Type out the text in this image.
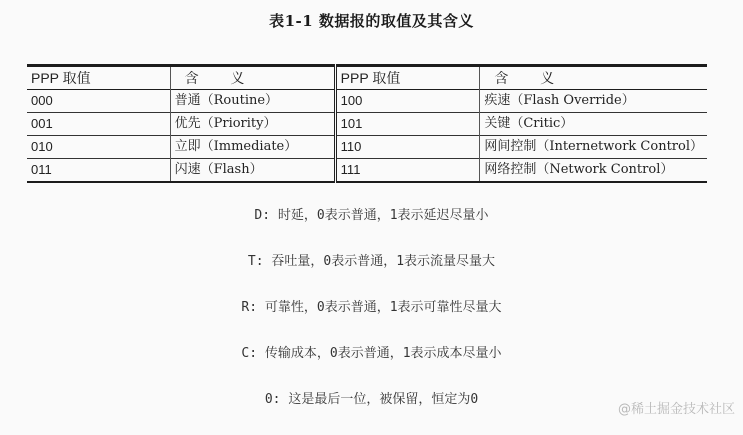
表1-1 数据报的取值及其含义
PPP 取值	含 义	PPP 取值	含 义
000	普通（Routine）	100	疾速（Flash Override）
001	优先（Priority）	101	关键（Critic）
010	立即（Immediate）	110	网间控制（Internetwork Control）
011	闪速（Flash）	111	网络控制（Network Control）

D: 时延，0表示普通，1表示延迟尽量小

T: 吞吐量，0表示普通，1表示流量尽量大

R: 可靠性，0表示普通，1表示可靠性尽量大

C: 传输成本，0表示普通，1表示成本尽量小

0: 这是最后一位，被保留，恒定为0

@稀土掘金技术社区
